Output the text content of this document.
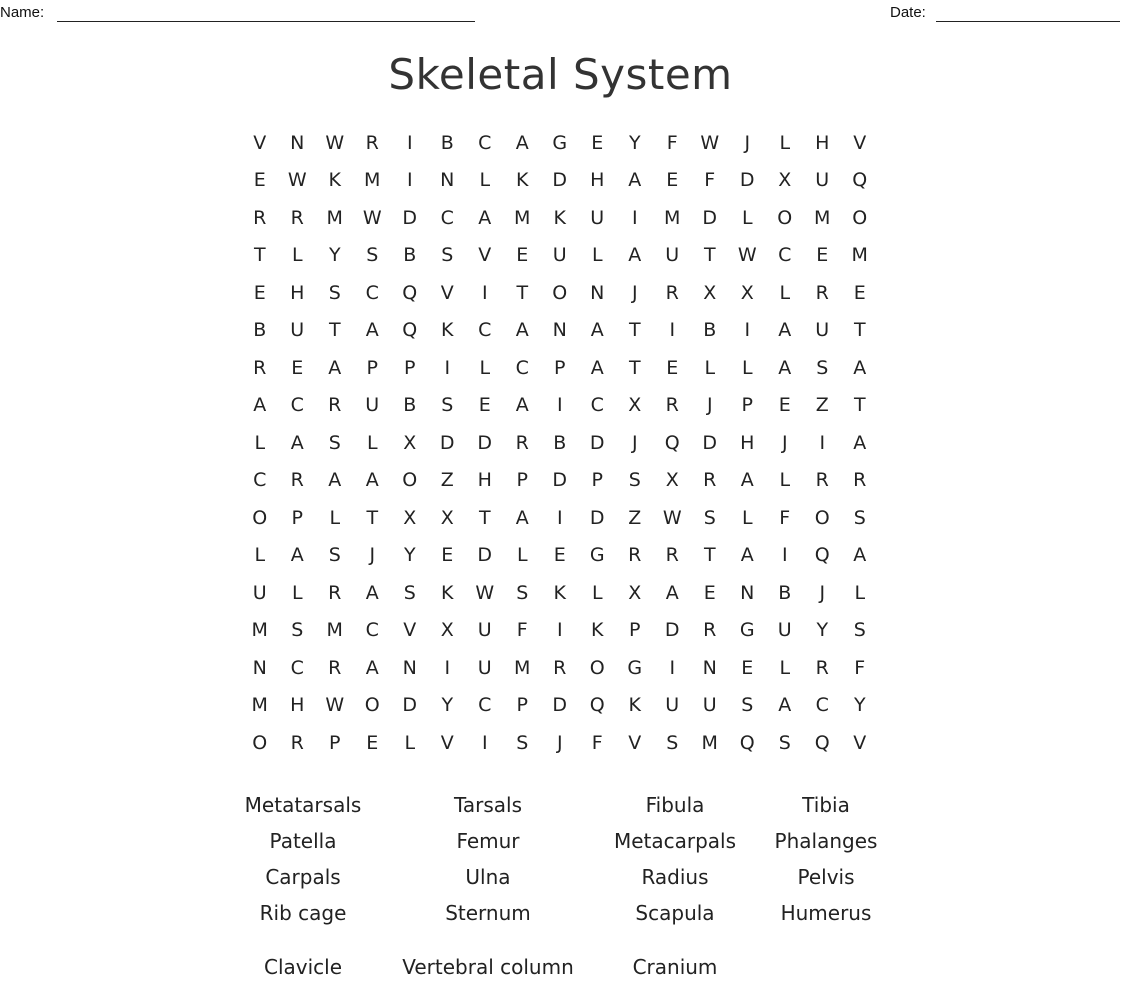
Name:	Date:
Skeletal System
V	N	W	R	I	B	C	A	G	E	Y	F	W	J	L	H	V
E	W	K	M	I	N	L	K	D	H	A	E	F	D	X	U	Q
R	R	M	W	D	C	A	M	K	U	I	M	D	L	O	M	O
T	L	Y	S	B	S	V	E	U	L	A	U	T	W	C	E	M
E	H	S	C	Q	V	I	T	O	N	J	R	X	X	L	R	E
B	U	T	A	Q	K	C	A	N	A	T	I	B	I	A	U	T
R	E	A	P	P	I	L	C	P	A	T	E	L	L	A	S	A
A	C	R	U	B	S	E	A	I	C	X	R	J	P	E	Z	T
L	A	S	L	X	D	D	R	B	D	J	Q	D	H	J	I	A
C	R	A	A	O	Z	H	P	D	P	S	X	R	A	L	R	R
O	P	L	T	X	X	T	A	I	D	Z	W	S	L	F	O	S
L	A	S	J	Y	E	D	L	E	G	R	R	T	A	I	Q	A
U	L	R	A	S	K	W	S	K	L	X	A	E	N	B	J	L
M	S	M	C	V	X	U	F	I	K	P	D	R	G	U	Y	S
N	C	R	A	N	I	U	M	R	O	G	I	N	E	L	R	F
M	H	W	O	D	Y	C	P	D	Q	K	U	U	S	A	C	Y
O	R	P	E	L	V	I	S	J	F	V	S	M	Q	S	Q	V
Metatarsals	Tarsals	Fibula	Tibia
Patella	Femur	Metacarpals	Phalanges
Carpals	Ulna	Radius	Pelvis
Rib cage	Sternum	Scapula	Humerus
Clavicle	Vertebral column	Cranium
